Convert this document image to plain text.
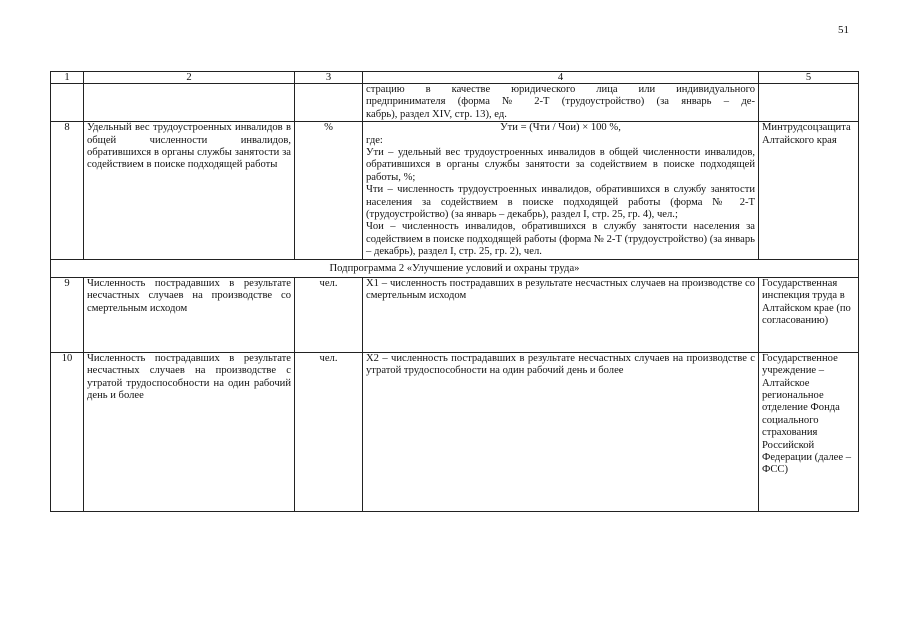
51
1	2	3	4	5

			страцию в качестве юридического лица или индивидуального
предпринимателя (форма № 2-Т (трудоустройство) (за январь – де-
кабрь), раздел XIV, стр. 13), ед.	

8	Удельный вес трудоустроенных инвалидов в общей численности инвалидов, обратившихся в органы службы занятости за содействием в поиске подходящей работы	%	Ути = (Чти / Чои) × 100 %,
где:
Ути – удельный вес трудоустроенных инвалидов в общей численности инвалидов, обратившихся в органы службы занятости за содействием в поиске подходящей работы, %;
Чти – численность трудоустроенных инвалидов, обратившихся в службу занятости населения за содействием в поиске подходящей работы (форма № 2-Т (трудоустройство) (за январь – декабрь), раздел I, стр. 25, гр. 4), чел.;
Чои – численность инвалидов, обратившихся в службу занятости населения за содействием в поиске подходящей работы (форма № 2-Т (трудоустройство) (за январь – декабрь), раздел I, стр. 25, гр. 2), чел.	Минтрудсоцзащита Алтайского края
Подпрограмма 2 «Улучшение условий и охраны труда»				
9	Численность пострадавших в результате несчастных случаев на производстве со смертельным исходом	чел.	Х1 – численность пострадавших в результате несчастных случаев на производстве со смертельным исходом	Государственная инспекция труда в Алтайском крае (по согласованию)
10	Численность пострадавших в результате несчастных случаев на производстве с утратой трудоспособности на один рабочий день и более	чел.	Х2 – численность пострадавших в результате несчастных случаев на производстве с утратой трудоспособности на один рабочий день и более	Государственное учреждение – Алтайское региональное отделение Фонда социального страхования Российской Федерации (далее – ФСС)
